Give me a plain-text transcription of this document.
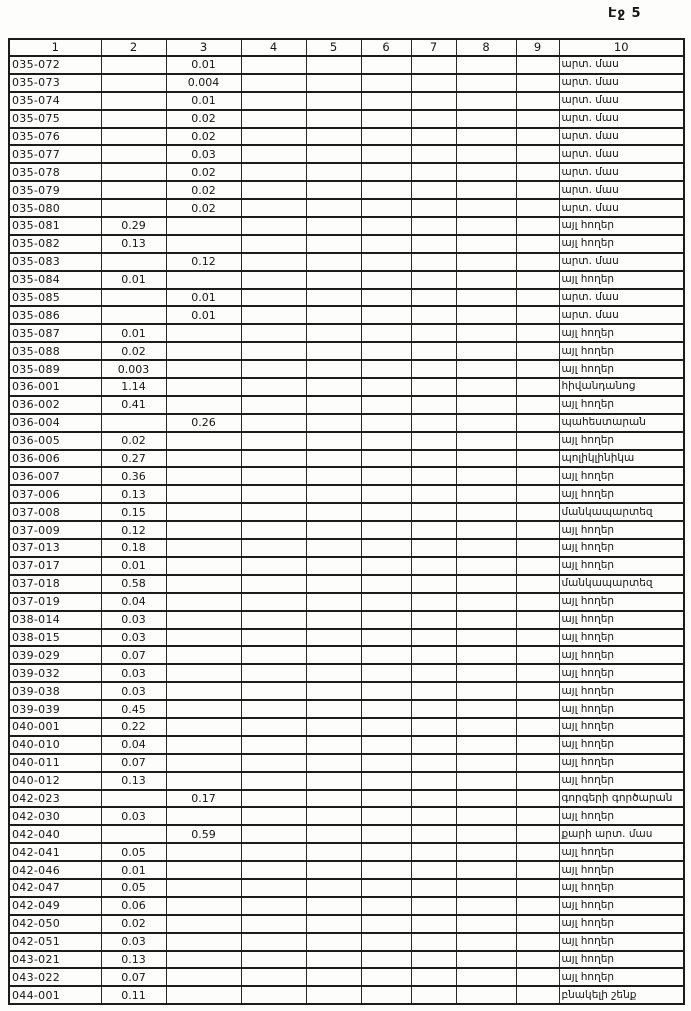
Էջ 5
1	2	3	4	5	6	7	8	9	10
035-072		0.01							արտ. մաս
035-073		0.004							արտ. մաս
035-074		0.01							արտ. մաս
035-075		0.02							արտ. մաս
035-076		0.02							արտ. մաս
035-077		0.03							արտ. մաս
035-078		0.02							արտ. մաս
035-079		0.02							արտ. մաս
035-080		0.02							արտ. մաս
035-081	0.29								այլ հողեր
035-082	0.13								այլ հողեր
035-083		0.12							արտ. մաս
035-084	0.01								այլ հողեր
035-085		0.01							արտ. մաս
035-086		0.01							արտ. մաս
035-087	0.01								այլ հողեր
035-088	0.02								այլ հողեր
035-089	0.003								այլ հողեր
036-001	1.14								հիվանդանոց
036-002	0.41								այլ հողեր
036-004		0.26							պահեստարան
036-005	0.02								այլ հողեր
036-006	0.27								պոլիկլինիկա
036-007	0.36								այլ հողեր
037-006	0.13								այլ հողեր
037-008	0.15								մանկապարտեզ
037-009	0.12								այլ հողեր
037-013	0.18								այլ հողեր
037-017	0.01								այլ հողեր
037-018	0.58								մանկապարտեզ
037-019	0.04								այլ հողեր
038-014	0.03								այլ հողեր
038-015	0.03								այլ հողեր
039-029	0.07								այլ հողեր
039-032	0.03								այլ հողեր
039-038	0.03								այլ հողեր
039-039	0.45								այլ հողեր
040-001	0.22								այլ հողեր
040-010	0.04								այլ հողեր
040-011	0.07								այլ հողեր
040-012	0.13								այլ հողեր
042-023		0.17							գորգերի գործարան
042-030	0.03								այլ հողեր
042-040		0.59							քարի արտ. մաս
042-041	0.05								այլ հողեր
042-046	0.01								այլ հողեր
042-047	0.05								այլ հողեր
042-049	0.06								այլ հողեր
042-050	0.02								այլ հողեր
042-051	0.03								այլ հողեր
043-021	0.13								այլ հողեր
043-022	0.07								այլ հողեր
044-001	0.11								բնակելի շենք
